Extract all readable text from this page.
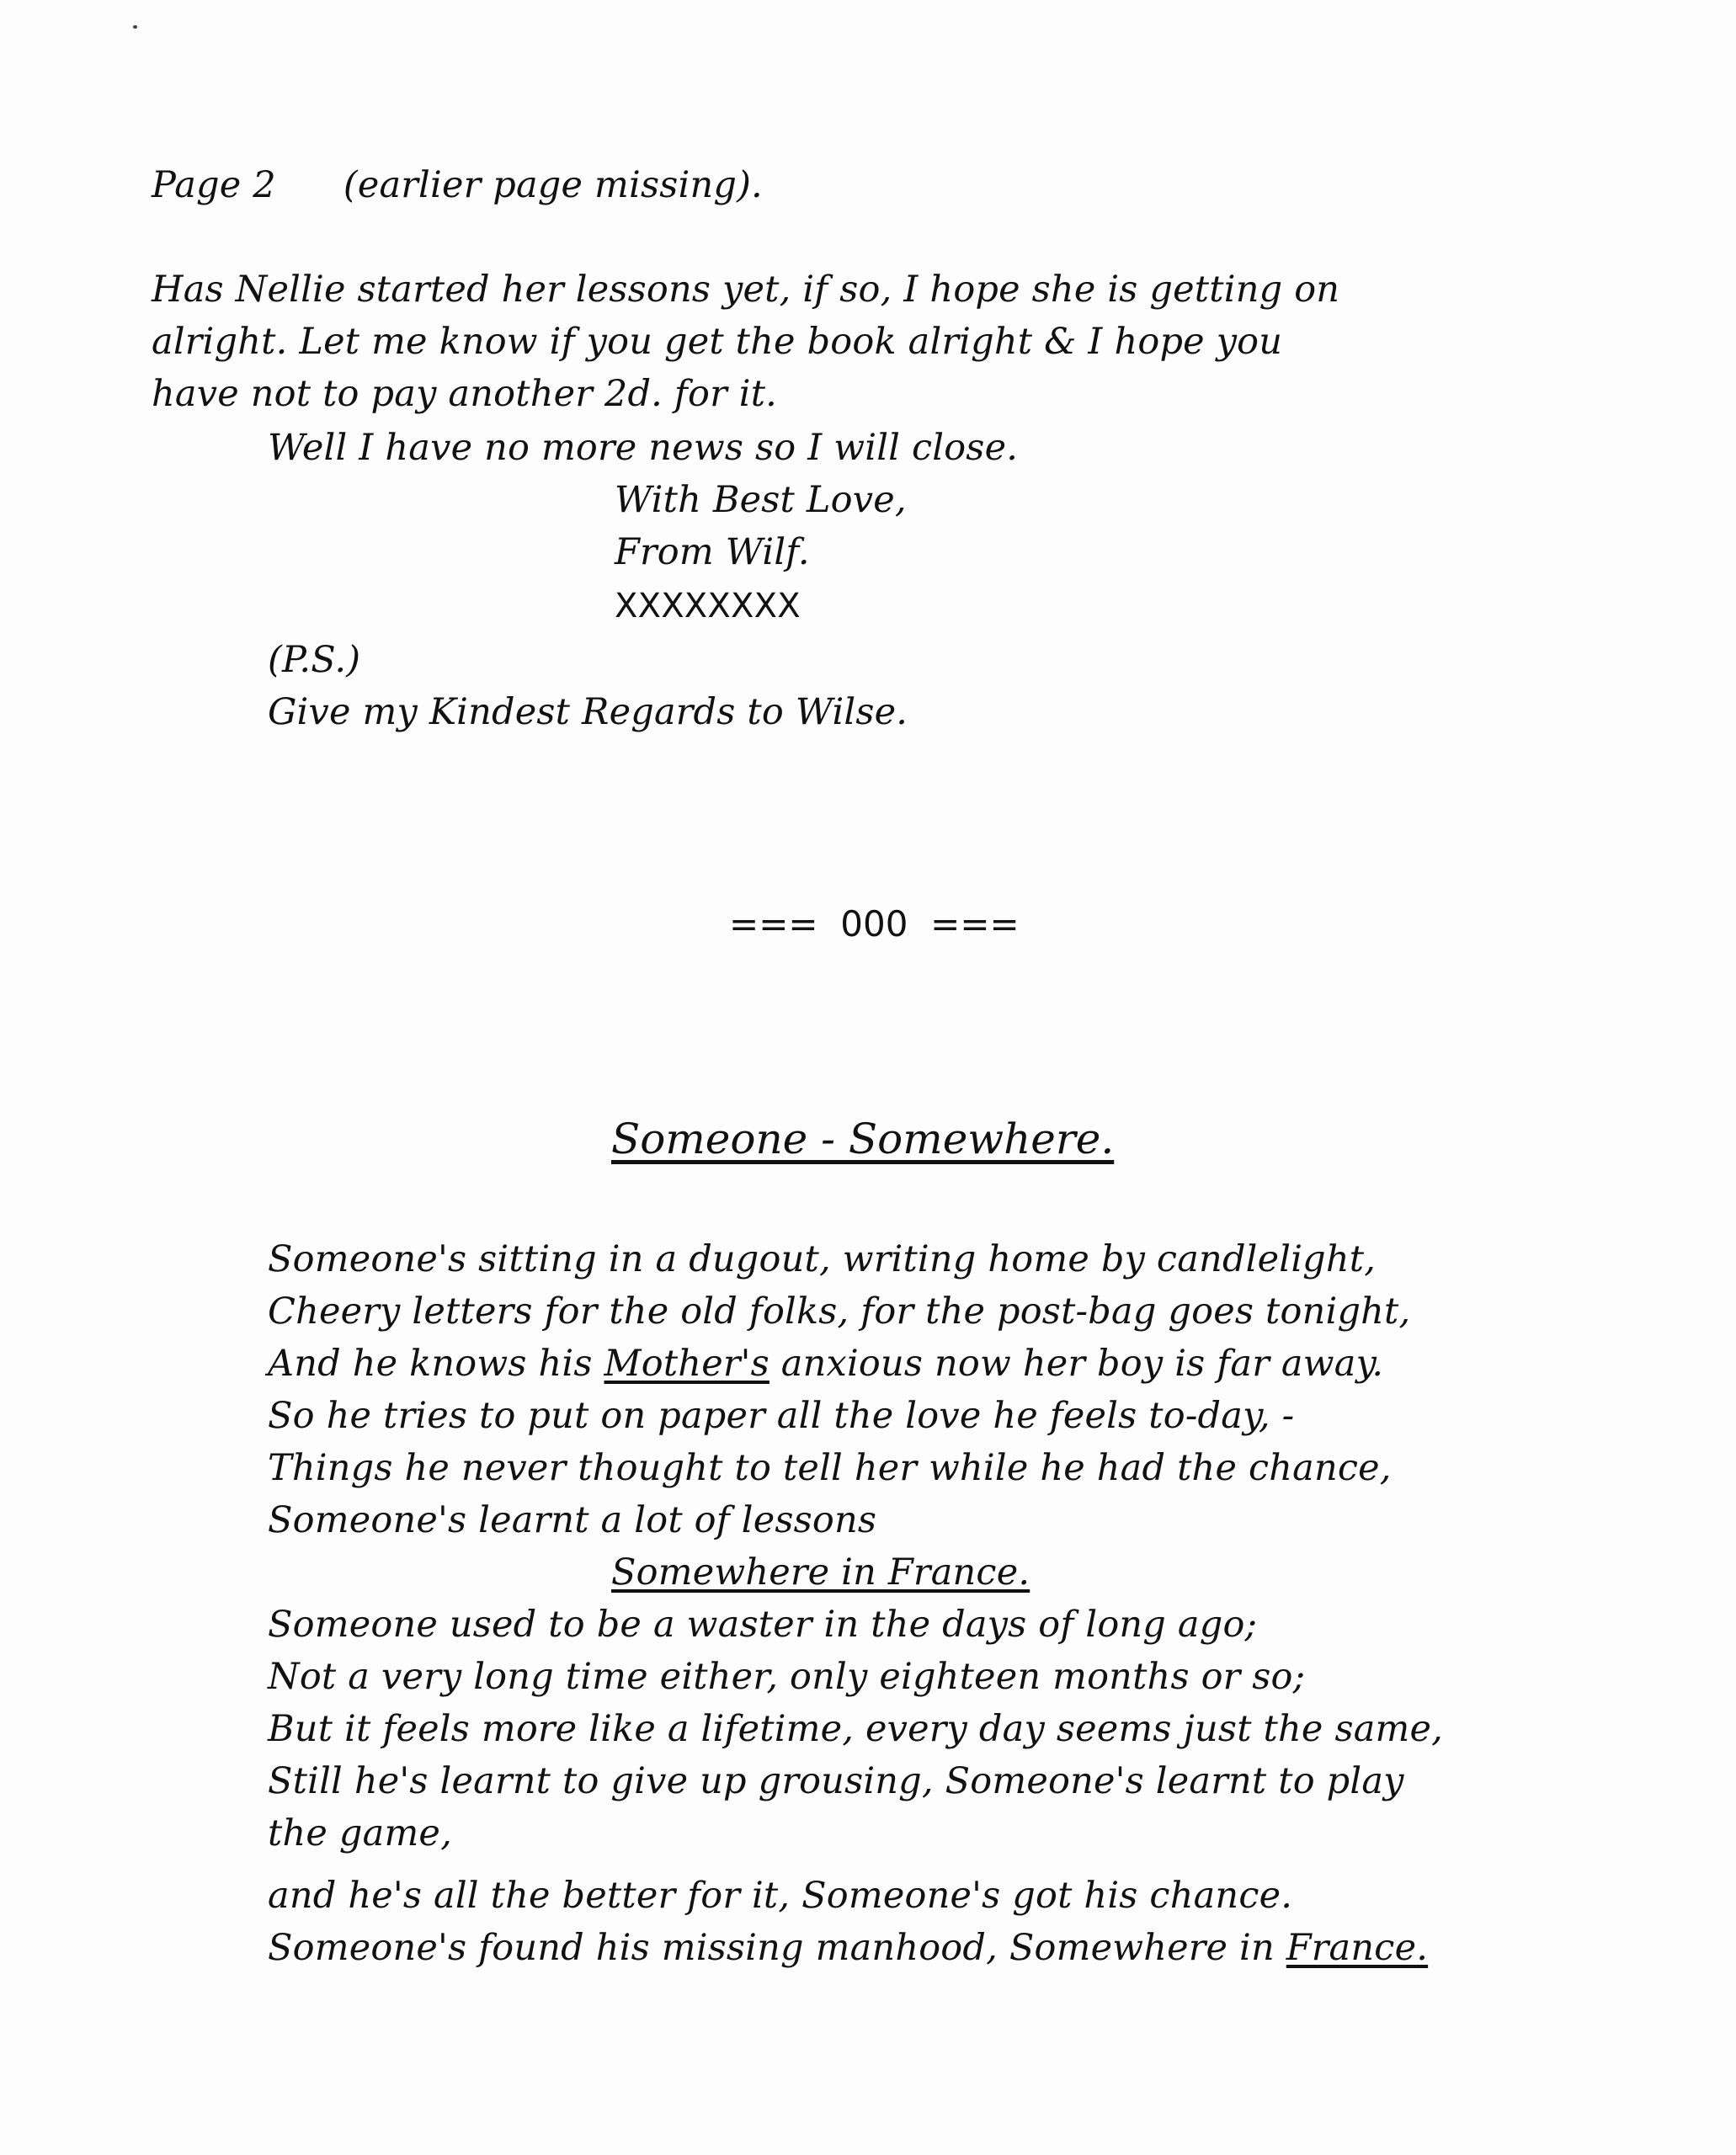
Page 2 (earlier page missing).
Has Nellie started her lessons yet, if so, I hope she is getting on
alright. Let me know if you get the book alright & I hope you
have not to pay another 2d. for it.
Well I have no more news so I will close.
With Best Love,
From Wilf.
XXXXXXXX
(P.S.)
Give my Kindest Regards to Wilse.
===  000  ===
Someone - Somewhere.
Someone's sitting in a dugout, writing home by candlelight,
Cheery letters for the old folks, for the post-bag goes tonight,
And he knows his Mother's anxious now her boy is far away.
So he tries to put on paper all the love he feels to-day, -
Things he never thought to tell her while he had the chance,
Someone's learnt a lot of lessons
Somewhere in France.
Someone used to be a waster in the days of long ago;
Not a very long time either, only eighteen months or so;
But it feels more like a lifetime, every day seems just the same,
Still he's learnt to give up grousing, Someone's learnt to play
the game,
and he's all the better for it, Someone's got his chance.
Someone's found his missing manhood, Somewhere in France.
